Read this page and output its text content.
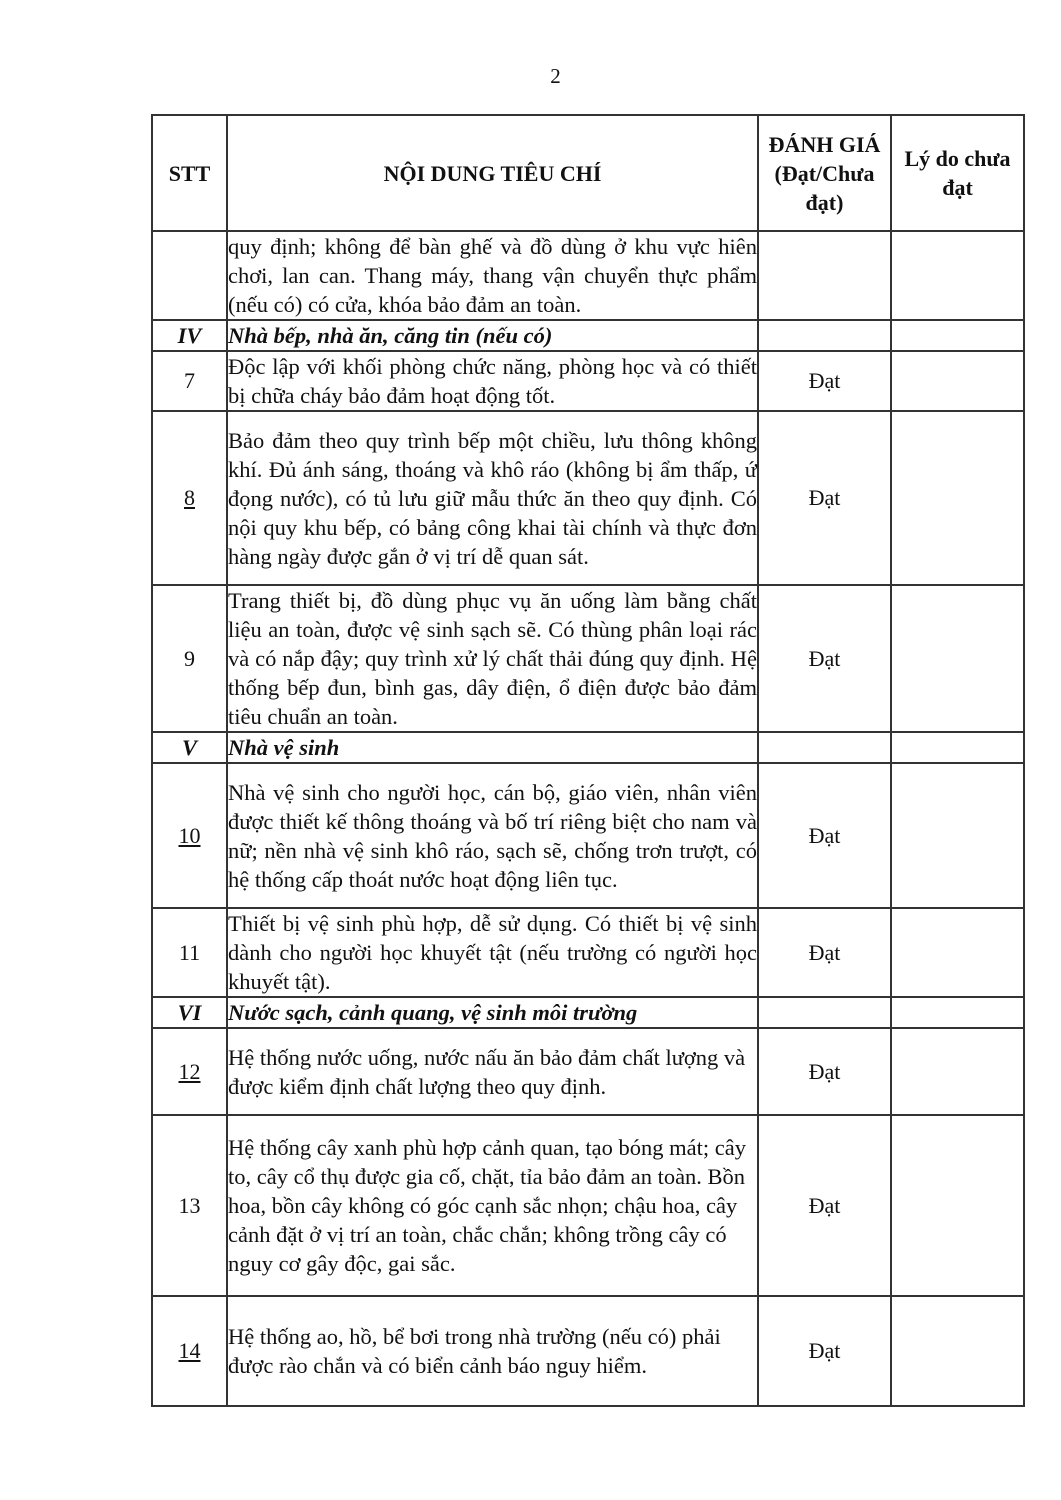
2
STT	NỘI DUNG TIÊU CHÍ	ĐÁNH GIÁ (Đạt/Chưa đạt)	Lý do chưa đạt
	quy định; không để bàn ghế và đồ dùng ở khu vực hiên chơi, lan can. Thang máy, thang vận chuyển thực phẩm (nếu có) có cửa, khóa bảo đảm an toàn.		
IV	Nhà bếp, nhà ăn, căng tin (nếu có)		
7	Độc lập với khối phòng chức năng, phòng học và có thiết bị chữa cháy bảo đảm hoạt động tốt.	Đạt	
8	Bảo đảm theo quy trình bếp một chiều, lưu thông không khí. Đủ ánh sáng, thoáng và khô ráo (không bị ẩm thấp, ứ đọng nước), có tủ lưu giữ mẫu thức ăn theo quy định. Có nội quy khu bếp, có bảng công khai tài chính và thực đơn hàng ngày được gắn ở vị trí dễ quan sát.	Đạt	
9	Trang thiết bị, đồ dùng phục vụ ăn uống làm bằng chất liệu an toàn, được vệ sinh sạch sẽ. Có thùng phân loại rác và có nắp đậy; quy trình xử lý chất thải đúng quy định. Hệ thống bếp đun, bình gas, dây điện, ổ điện được bảo đảm tiêu chuẩn an toàn.	Đạt	
V	Nhà vệ sinh		
10	Nhà vệ sinh cho người học, cán bộ, giáo viên, nhân viên được thiết kế thông thoáng và bố trí riêng biệt cho nam và nữ; nền nhà vệ sinh khô ráo, sạch sẽ, chống trơn trượt, có hệ thống cấp thoát nước hoạt động liên tục.	Đạt	
11	Thiết bị vệ sinh phù hợp, dễ sử dụng. Có thiết bị vệ sinh dành cho người học khuyết tật (nếu trường có người học khuyết tật).	Đạt	
VI	Nước sạch, cảnh quang, vệ sinh môi trường		
12	Hệ thống nước uống, nước nấu ăn bảo đảm chất lượng và được kiểm định chất lượng theo quy định.	Đạt	
13	Hệ thống cây xanh phù hợp cảnh quan, tạo bóng mát; cây to, cây cổ thụ được gia cố, chặt, tỉa bảo đảm an toàn. Bồn hoa, bồn cây không có góc cạnh sắc nhọn; chậu hoa, cây cảnh đặt ở vị trí an toàn, chắc chắn; không trồng cây có nguy cơ gây độc, gai sắc.	Đạt	
14	Hệ thống ao, hồ, bể bơi trong nhà trường (nếu có) phải được rào chắn và có biển cảnh báo nguy hiểm.	Đạt	
